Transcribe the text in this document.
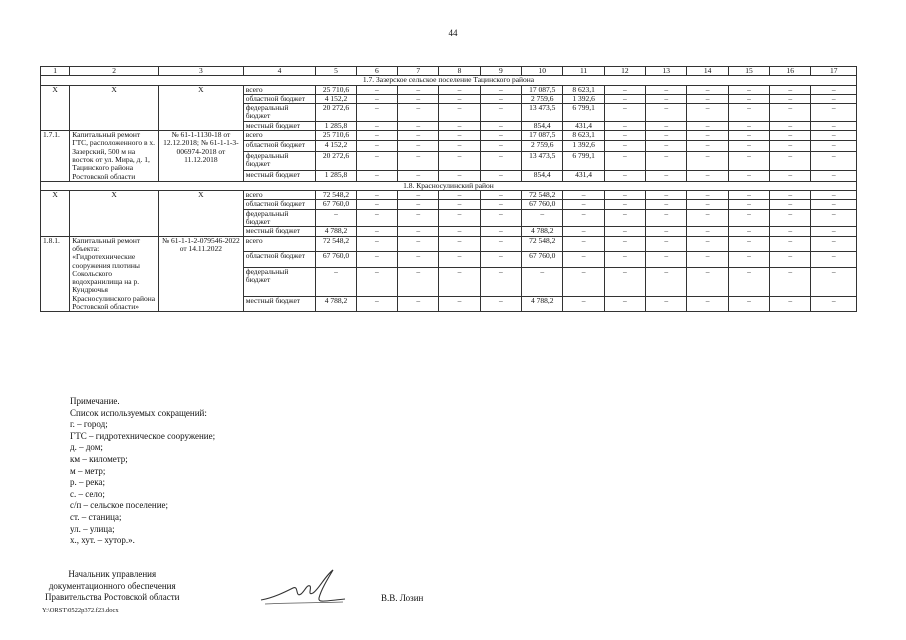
44
1	2	3	4	5	6	7	8	9	10	11	12	13	14	15	16	17
1.7. Зазерское сельское поселение Тацинского района																
X	X	X	всего	25 710,6	–	–	–	–	17 087,5	8 623,1	–	–	–	–	–	–
			областной бюджет	4 152,2	–	–	–	–	2 759,6	1 392,6	–	–	–	–	–	–
			федеральный бюджет	20 272,6	–	–	–	–	13 473,5	6 799,1	–	–	–	–	–	–
			местный бюджет	1 285,8	–	–	–	–	854,4	431,4	–	–	–	–	–	–
1.7.1.	Капитальный ремонт ГТС, расположенного в х. Зазерский, 500 м на восток от ул. Мира, д. 1, Тацинского района Ростовской области	№ 61-1-1130-18 от 12.12.2018; № 61-1-1-3-006974-2018 от 11.12.2018	всего	25 710,6	–	–	–	–	17 087,5	8 623,1	–	–	–	–	–	–
			областной бюджет	4 152,2	–	–	–	–	2 759,6	1 392,6	–	–	–	–	–	–
			федеральный бюджет	20 272,6	–	–	–	–	13 473,5	6 799,1	–	–	–	–	–	–
			местный бюджет	1 285,8	–	–	–	–	854,4	431,4	–	–	–	–	–	–
1.8. Красносулинский район																
X	X	X	всего	72 548,2	–	–	–	–	72 548,2	–	–	–	–	–	–	–
			областной бюджет	67 760,0	–	–	–	–	67 760,0	–	–	–	–	–	–	–
			федеральный бюджет	–	–	–	–	–	–	–	–	–	–	–	–	–
			местный бюджет	4 788,2	–	–	–	–	4 788,2	–	–	–	–	–	–	–
1.8.1.	Капитальный ремонт объекта: «Гидротехнические сооружения плотины Сокольского водохранилища на р. Кундрючья Красносулинского района Ростовской области»	№ 61-1-1-2-079546-2022 от 14.11.2022	всего	72 548,2	–	–	–	–	72 548,2	–	–	–	–	–	–	–
			областной бюджет	67 760,0	–	–	–	–	67 760,0	–	–	–	–	–	–	–
			федеральный бюджет	–	–	–	–	–	–	–	–	–	–	–	–	–
			местный бюджет	4 788,2	–	–	–	–	4 788,2	–	–	–	–	–	–	–
Примечание.
Список используемых сокращений:
г. – город;
ГТС – гидротехническое сооружение;
д. – дом;
км – километр;
м – метр;
р. – река;
с. – село;
с/п – сельское поселение;
ст. – станица;
ул. – улица;
х., хут. – хутор.».
Начальник управления
документационного обеспечения
Правительства Ростовской области	В.В. Лозин
Y:\ORST\0522p372.f23.docx
